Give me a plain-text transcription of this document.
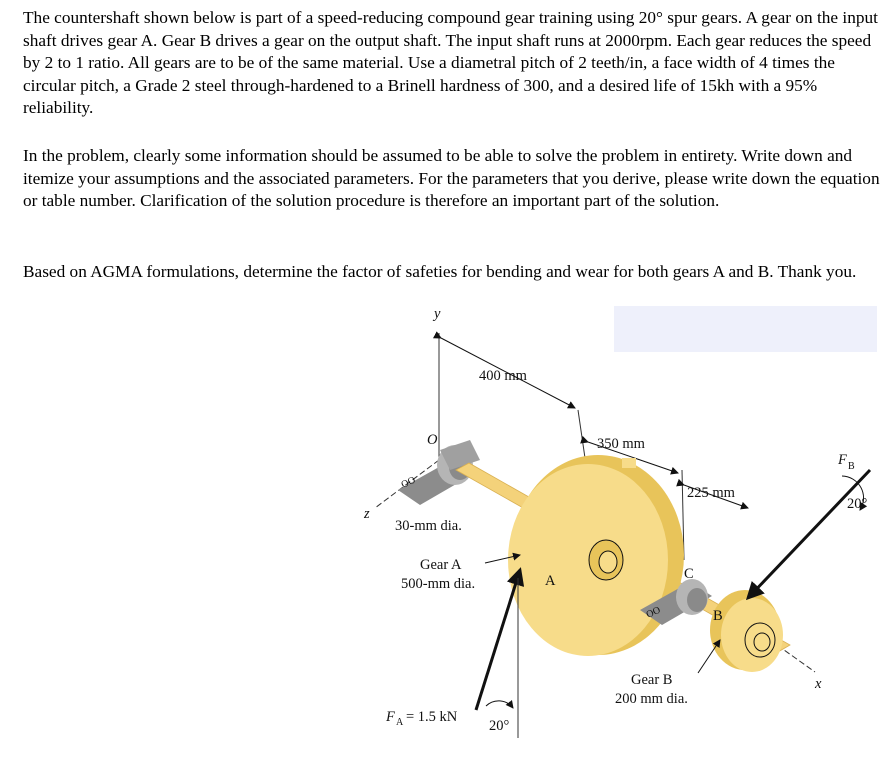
The countershaft shown below is part of a speed-reducing compound gear training using 20° spur gears. A gear on the input shaft drives gear A. Gear B drives a gear on the output shaft. The input shaft runs at 2000rpm. Each gear reduces the speed by 2 to 1 ratio. All gears are to be of the same material. Use a diametral pitch of 2 teeth/in, a face width of 4 times the circular pitch, a Grade 2 steel through-hardened to a Brinell hardness of 300, and a desired life of 15kh with a 95% reliability.

In the problem, clearly some information should be assumed to be able to solve the problem in entirety. Write down and itemize your assumptions and the associated parameters. For the parameters that you derive, please write down the equation or table number. Clarification of the solution procedure is therefore an important part of the solution.

Based on AGMA formulations, determine the factor of safeties for bending and wear for both gears A and B. Thank you.

OO
OO
y
z
x
O
400 mm
350 mm
225 mm
30-mm dia.
Gear A
500-mm dia.	A	C
B
Gear B
200 mm dia.
F A = 1.5 kN
20°
F B
20°
